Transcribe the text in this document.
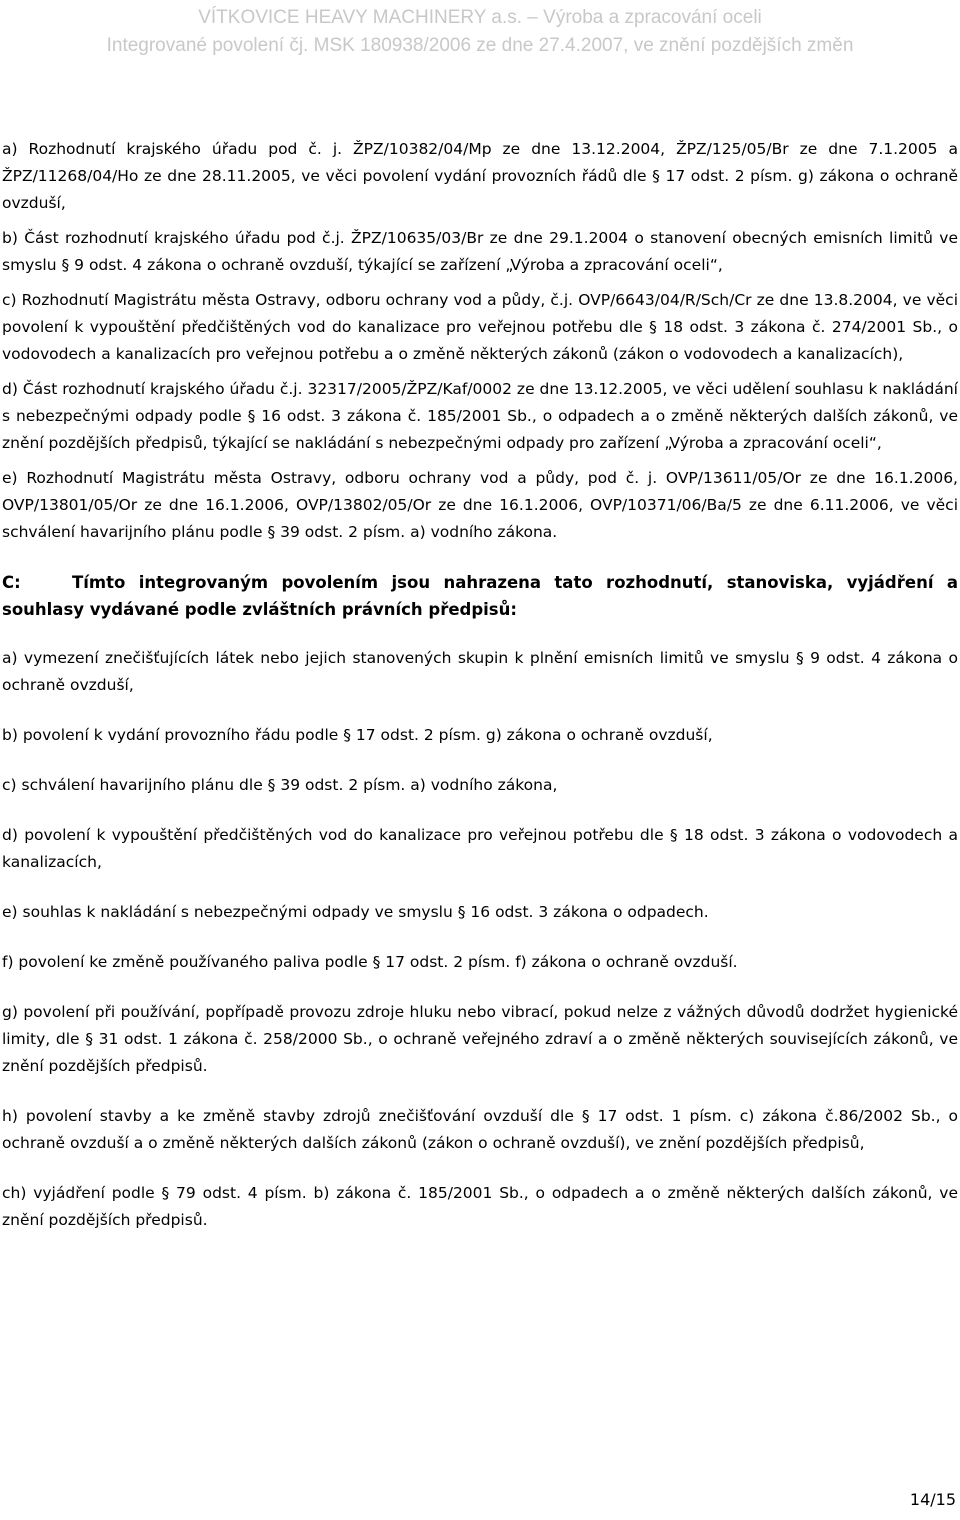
VÍTKOVICE HEAVY MACHINERY a.s. – Výroba a zpracování oceli
Integrované povolení čj. MSK 180938/2006 ze dne 27.4.2007, ve znění pozdějších změn

a) Rozhodnutí krajského úřadu pod č. j. ŽPZ/10382/04/Mp ze dne 13.12.2004, ŽPZ/125/05/Br ze dne 7.1.2005 a ŽPZ/11268/04/Ho ze dne 28.11.2005, ve věci povolení vydání provozních řádů dle § 17 odst. 2 písm. g) zákona o ochraně ovzduší,

b) Část rozhodnutí krajského úřadu pod č.j. ŽPZ/10635/03/Br ze dne 29.1.2004 o stanovení obecných emisních limitů ve smyslu § 9 odst. 4 zákona o ochraně ovzduší, týkající se zařízení „Výroba a zpracování oceli“,

c) Rozhodnutí Magistrátu města Ostravy, odboru ochrany vod a půdy, č.j. OVP/6643/04/R/Sch/Cr ze dne 13.8.2004, ve věci povolení k vypouštění předčištěných vod do kanalizace pro veřejnou potřebu dle § 18 odst. 3 zákona č. 274/2001 Sb., o vodovodech a kanalizacích pro veřejnou potřebu a o změně některých zákonů (zákon o vodovodech a kanalizacích),

d) Část rozhodnutí krajského úřadu č.j. 32317/2005/ŽPZ/Kaf/0002 ze dne 13.12.2005, ve věci udělení souhlasu k nakládání s nebezpečnými odpady podle § 16 odst. 3 zákona č. 185/2001 Sb., o odpadech a o změně některých dalších zákonů, ve znění pozdějších předpisů, týkající se nakládání s nebezpečnými odpady pro zařízení „Výroba a zpracování oceli“,

e) Rozhodnutí Magistrátu města Ostravy, odboru ochrany vod a půdy, pod č. j. OVP/13611/05/Or ze dne 16.1.2006, OVP/13801/05/Or ze dne 16.1.2006, OVP/13802/05/Or ze dne 16.1.2006, OVP/10371/06/Ba/5 ze dne 6.11.2006, ve věci schválení havarijního plánu podle § 39 odst. 2 písm. a) vodního zákona.

C:	Tímto integrovaným povolením jsou nahrazena tato rozhodnutí, stanoviska, vyjádření a souhlasy vydávané podle zvláštních právních předpisů:

a) vymezení znečišťujících látek nebo jejich stanovených skupin k plnění emisních limitů ve smyslu § 9 odst. 4 zákona o ochraně ovzduší,

b) povolení k vydání provozního řádu podle § 17 odst. 2 písm. g) zákona o ochraně ovzduší,

c) schválení havarijního plánu dle § 39 odst. 2 písm. a) vodního zákona,

d) povolení k vypouštění předčištěných vod do kanalizace pro veřejnou potřebu dle § 18 odst. 3 zákona o vodovodech a kanalizacích,

e) souhlas k nakládání s nebezpečnými odpady ve smyslu § 16 odst. 3 zákona o odpadech.

f) povolení ke změně používaného paliva podle § 17 odst. 2 písm. f) zákona o ochraně ovzduší.

g) povolení při používání, popřípadě provozu zdroje hluku nebo vibrací, pokud nelze z vážných důvodů dodržet hygienické limity, dle § 31 odst. 1 zákona č. 258/2000 Sb., o ochraně veřejného zdraví a o změně některých souvisejících zákonů, ve znění pozdějších předpisů.

h) povolení stavby a ke změně stavby zdrojů znečišťování ovzduší dle § 17 odst. 1 písm. c) zákona č.86/2002 Sb., o ochraně ovzduší a o změně některých dalších zákonů (zákon o ochraně ovzduší), ve znění pozdějších předpisů,

ch) vyjádření podle § 79 odst. 4 písm. b) zákona č. 185/2001 Sb., o odpadech a o změně některých dalších zákonů, ve znění pozdějších předpisů.

14/15
